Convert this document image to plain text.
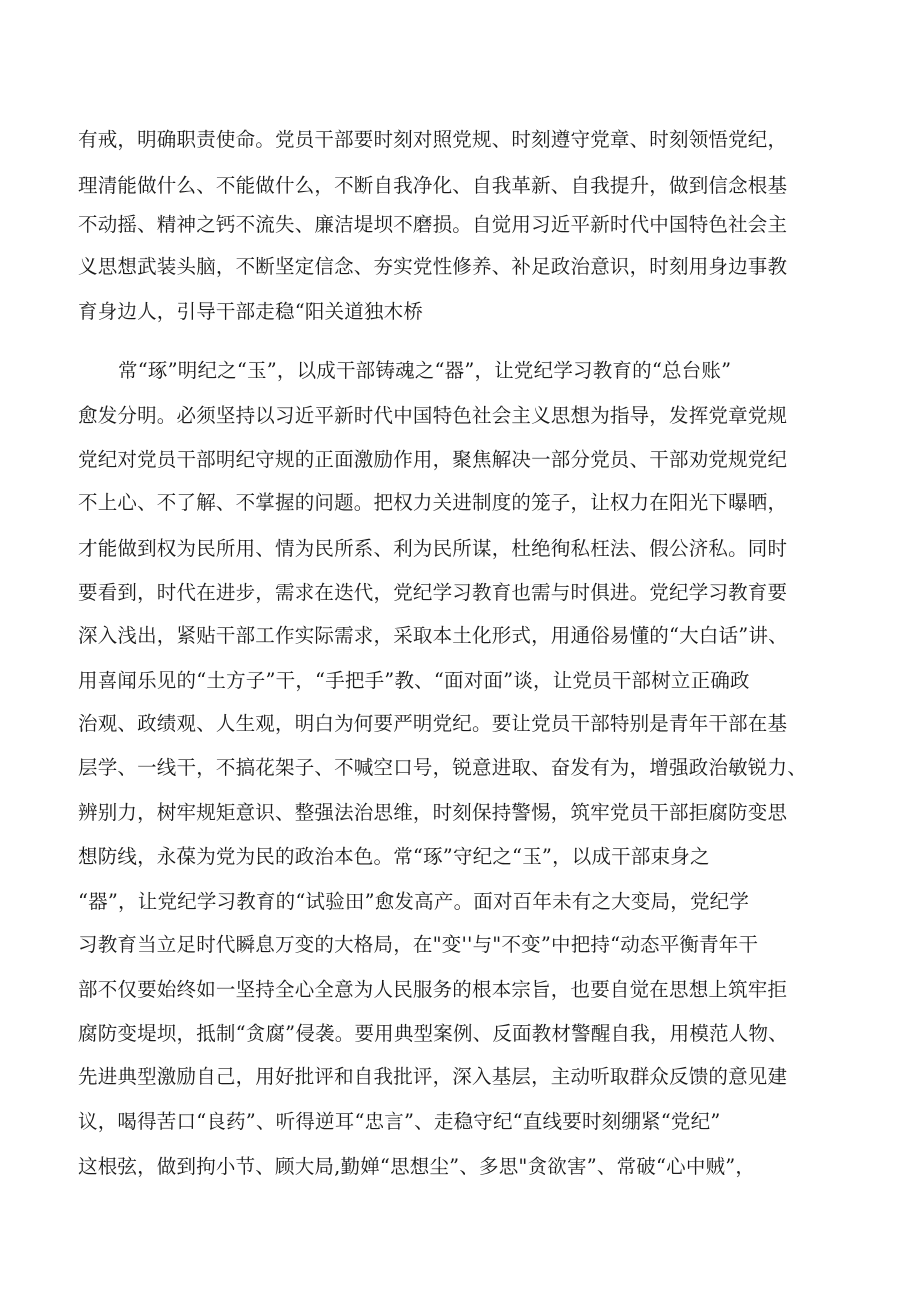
有戒，明确职责使命。党员干部要时刻对照党规、时刻遵守党章、时刻领悟党纪，
理清能做什么、不能做什么，不断自我净化、自我革新、自我提升，做到信念根基
不动摇、精神之钙不流失、廉洁堤坝不磨损。自觉用习近平新时代中国特色社会主
义思想武装头脑，不断坚定信念、夯实党性修养、补足政治意识，时刻用身边事教
育身边人，引导干部走稳“阳关道独木桥
常“琢”明纪之“玉”，以成干部铸魂之“器”，让党纪学习教育的“总台账”
愈发分明。必须坚持以习近平新时代中国特色社会主义思想为指导，发挥党章党规
党纪对党员干部明纪守规的正面激励作用，聚焦解决一部分党员、干部劝党规党纪
不上心、不了解、不掌握的问题。把权力关进制度的笼子，让权力在阳光下曝晒，
才能做到权为民所用、情为民所系、利为民所谋，杜绝徇私枉法、假公济私。同时
要看到，时代在进步，需求在迭代，党纪学习教育也需与时俱进。党纪学习教育要
深入浅出，紧贴干部工作实际需求，采取本土化形式，用通俗易懂的“大白话”讲、
用喜闻乐见的“土方子”干，“手把手”教、“面对面”谈，让党员干部树立正确政
治观、政绩观、人生观，明白为何要严明党纪。要让党员干部特别是青年干部在基
层学、一线干，不搞花架子、不喊空口号，锐意进取、奋发有为，增强政治敏锐力、
辨别力，树牢规矩意识、整强法治思维，时刻保持警惕，筑牢党员干部拒腐防变思
想防线，永葆为党为民的政治本色。常“琢”守纪之“玉”，以成干部束身之
“器”，让党纪学习教育的“试验田”愈发高产。面对百年未有之大变局，党纪学
习教育当立足时代瞬息万变的大格局，在"变''与"不变”中把持“动态平衡青年干
部不仅要始终如一坚持全心全意为人民服务的根本宗旨，也要自觉在思想上筑牢拒
腐防变堤坝，抵制“贪腐”侵袭。要用典型案例、反面教材警醒自我，用模范人物、
先进典型激励自己，用好批评和自我批评，深入基层，主动听取群众反馈的意见建
议，喝得苦口“良药”、听得逆耳“忠言”、走稳守纪“直线要时刻绷紧“党纪”
这根弦，做到拘小节、顾大局,勤婵“思想尘”、多思"贪欲害”、常破“心中贼”，
